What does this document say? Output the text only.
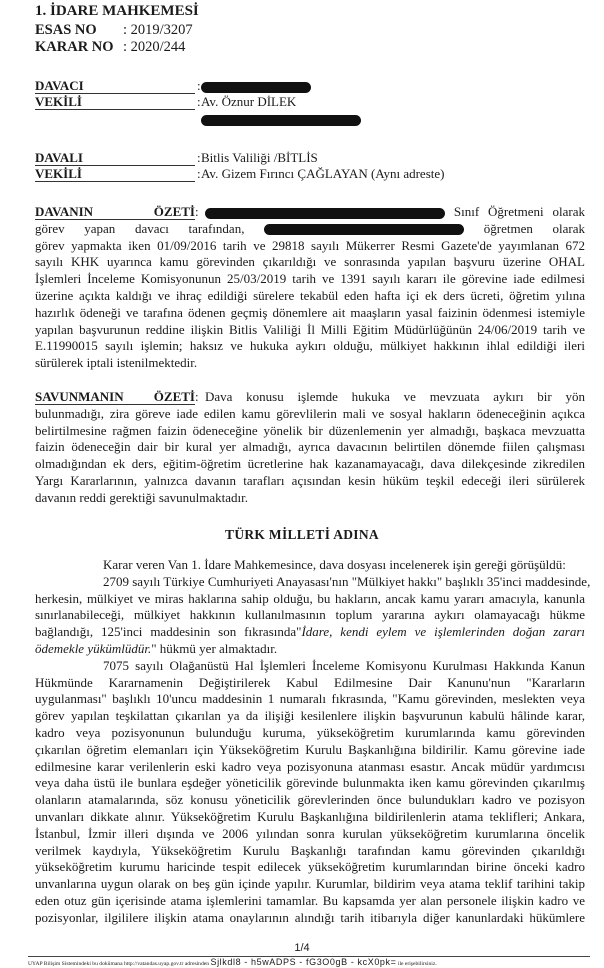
1. İDARE MAHKEMESİ
ESAS NO : 2019/3207
KARAR NO : 2020/244
DAVACI	:
VEKİLİ	:Av. Öznur DİLEK
DAVALI	:Bitlis Valiliği /BİTLİS
VEKİLİ	:Av. Gizem Fırıncı ÇAĞLAYAN (Aynı adreste)
DAVANIN ÖZETİ :	Sınıf Öğretmeni olarak
görev yapan davacı tarafından,	öğretmen olarak
görev yapmakta iken 01/09/2016 tarih ve 29818 sayılı Mükerrer Resmi Gazete'de yayımlanan 672
sayılı KHK uyarınca kamu görevinden çıkarıldığı ve sonrasında yapılan başvuru üzerine OHAL
İşlemleri İnceleme Komisyonunun 25/03/2019 tarih ve 1391 sayılı kararı ile görevine iade edilmesi
üzerine açıkta kaldığı ve ihraç edildiği sürelere tekabül eden hafta içi ek ders ücreti, öğretim yılına
hazırlık ödeneği ve tarafına ödenen geçmiş dönemlere ait maaşların yasal faizinin ödenmesi istemiyle
yapılan başvurunun reddine ilişkin Bitlis Valiliği İl Milli Eğitim Müdürlüğünün 24/06/2019 tarih ve
E.11990015 sayılı işlemin; haksız ve hukuka aykırı olduğu, mülkiyet hakkının ihlal edildiği ileri
sürülerek iptali istenilmektedir.
SAVUNMANIN ÖZETİ : Dava konusu işlemde hukuka ve mevzuata aykırı bir yön
bulunmadığı, zira göreve iade edilen kamu görevlilerin mali ve sosyal hakların ödeneceğinin açıkca
belirtilmesine rağmen faizin ödeneceğine yönelik bir düzenlemenin yer almadığı, başkaca mevzuatta
faizin ödeneceğin dair bir kural yer almadığı, ayrıca davacının belirtilen dönemde fiilen çalışması
olmadığından ek ders, eğitim-öğretim ücretlerine hak kazanamayacağı, dava dilekçesinde zikredilen
Yargı Kararlarının, yalnızca davanın tarafları açısından kesin hüküm teşkil edeceği ileri sürülerek
davanın reddi gerektiği savunulmaktadır.
TÜRK MİLLETİ ADINA
Karar veren Van 1. İdare Mahkemesince, dava dosyası incelenerek işin gereği görüşüldü:
2709 sayılı Türkiye Cumhuriyeti Anayasası'nın "Mülkiyet hakkı" başlıklı 35'inci maddesinde,
herkesin, mülkiyet ve miras haklarına sahip olduğu, bu hakların, ancak kamu yararı amacıyla, kanunla
sınırlanabileceği, mülkiyet hakkının kullanılmasının toplum yararına aykırı olamayacağı hükme
bağlandığı, 125'inci maddesinin son fıkrasında"İdare, kendi eylem ve işlemlerinden doğan zararı
ödemekle yükümlüdür." hükmü yer almaktadır.
7075 sayılı Olağanüstü Hal İşlemleri İnceleme Komisyonu Kurulması Hakkında Kanun
Hükmünde Kararnamenin Değiştirilerek Kabul Edilmesine Dair Kanunu'nun "Kararların
uygulanması" başlıklı 10'uncu maddesinin 1 numaralı fıkrasında, "Kamu görevinden, meslekten veya
görev yapılan teşkilattan çıkarılan ya da ilişiği kesilenlere ilişkin başvurunun kabulü hâlinde karar,
kadro veya pozisyonunun bulunduğu kuruma, yükseköğretim kurumlarında kamu görevinden
çıkarılan öğretim elemanları için Yükseköğretim Kurulu Başkanlığına bildirilir. Kamu görevine iade
edilmesine karar verilenlerin eski kadro veya pozisyonuna atanması esastır. Ancak müdür yardımcısı
veya daha üstü ile bunlara eşdeğer yöneticilik görevinde bulunmakta iken kamu görevinden çıkarılmış
olanların atamalarında, söz konusu yöneticilik görevlerinden önce bulundukları kadro ve pozisyon
unvanları dikkate alınır. Yükseköğretim Kurulu Başkanlığına bildirilenlerin atama teklifleri; Ankara,
İstanbul, İzmir illeri dışında ve 2006 yılından sonra kurulan yükseköğretim kurumlarına öncelik
verilmek kaydıyla, Yükseköğretim Kurulu Başkanlığı tarafından kamu görevinden çıkarıldığı
yükseköğretim kurumu haricinde tespit edilecek yükseköğretim kurumlarından birine önceki kadro
unvanlarına uygun olarak on beş gün içinde yapılır. Kurumlar, bildirim veya atama teklif tarihini takip
eden otuz gün içerisinde atama işlemlerini tamamlar. Bu kapsamda yer alan personele ilişkin kadro ve
pozisyonlar, ilgililere ilişkin atama onaylarının alındığı tarih itibarıyla diğer kanunlardaki hükümlere
1/4
UYAP Bilişim Sistemindeki bu dokümana http://vatandas.uyap.gov.tr adresinden Sjlkdl8 - h5wADPS - fG3O0gB - kcX0pk= ile erişebilirsiniz.
